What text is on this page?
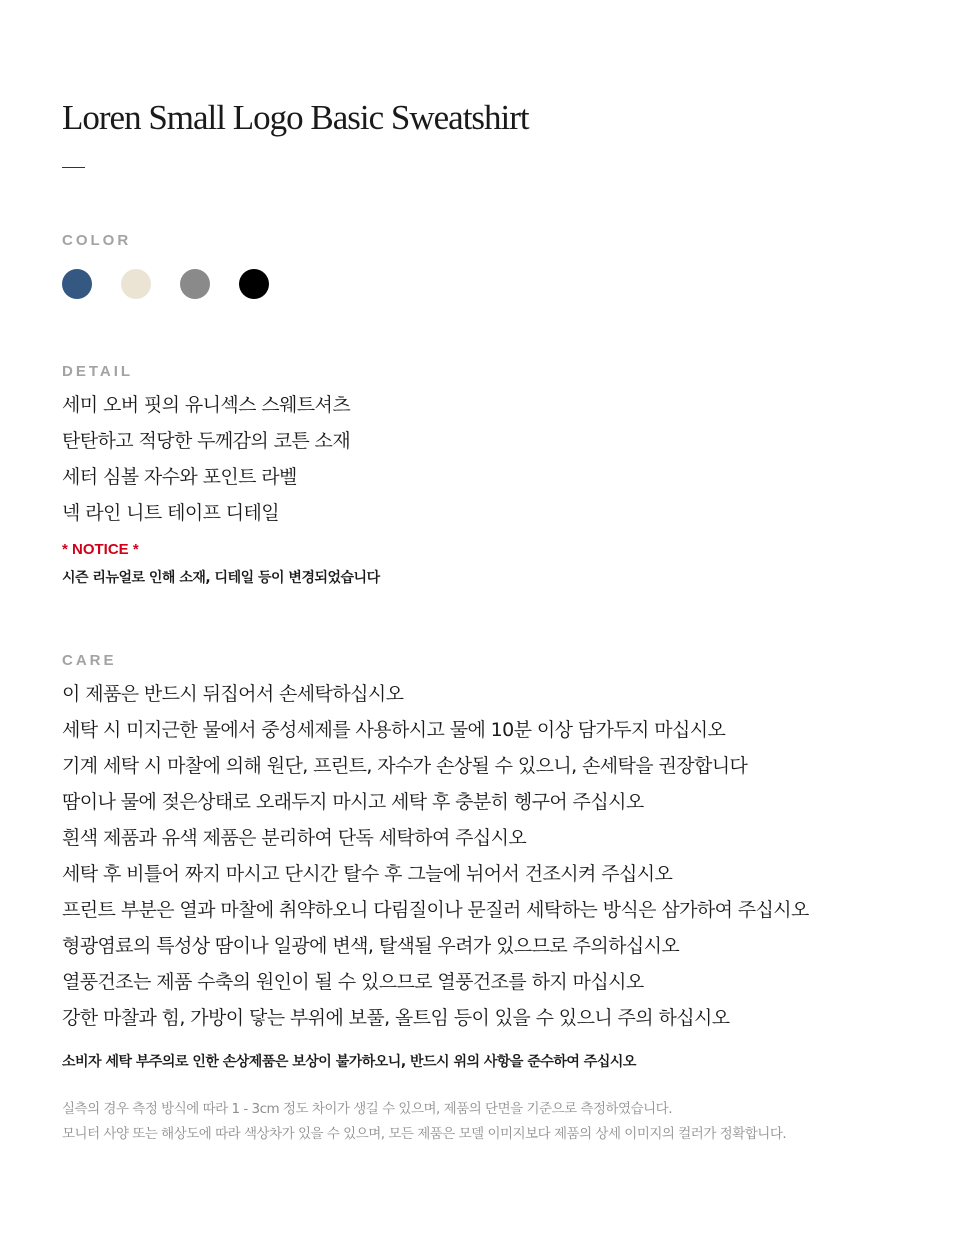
Loren Small Logo Basic Sweatshirt
COLOR
DETAIL
세미 오버 핏의 유니섹스 스웨트셔츠
탄탄하고 적당한 두께감의 코튼 소재
세터 심볼 자수와 포인트 라벨
넥 라인 니트 테이프 디테일

* NOTICE *

시즌 리뉴얼로 인해 소재, 디테일 등이 변경되었습니다

CARE
이 제품은 반드시 뒤집어서 손세탁하십시오
세탁 시 미지근한 물에서 중성세제를 사용하시고 물에 10분 이상 담가두지 마십시오
기계 세탁 시 마찰에 의해 원단, 프린트, 자수가 손상될 수 있으니, 손세탁을 권장합니다
땀이나 물에 젖은상태로 오래두지 마시고 세탁 후 충분히 헹구어 주십시오
흰색 제품과 유색 제품은 분리하여 단독 세탁하여 주십시오
세탁 후 비틀어 짜지 마시고 단시간 탈수 후 그늘에 뉘어서 건조시켜 주십시오
프린트 부분은 열과 마찰에 취약하오니 다림질이나 문질러 세탁하는 방식은 삼가하여 주십시오
형광염료의 특성상 땀이나 일광에 변색, 탈색될 우려가 있으므로 주의하십시오
열풍건조는 제품 수축의 원인이 될 수 있으므로 열풍건조를 하지 마십시오
강한 마찰과 힘, 가방이 닿는 부위에 보풀, 올트임 등이 있을 수 있으니 주의 하십시오

소비자 세탁 부주의로 인한 손상제품은 보상이 불가하오니, 반드시 위의 사항을 준수하여 주십시오

실측의 경우 측정 방식에 따라 1 - 3cm 정도 차이가 생길 수 있으며, 제품의 단면을 기준으로 측정하였습니다.
모니터 사양 또는 해상도에 따라 색상차가 있을 수 있으며, 모든 제품은 모델 이미지보다 제품의 상세 이미지의 컬러가 정확합니다.
